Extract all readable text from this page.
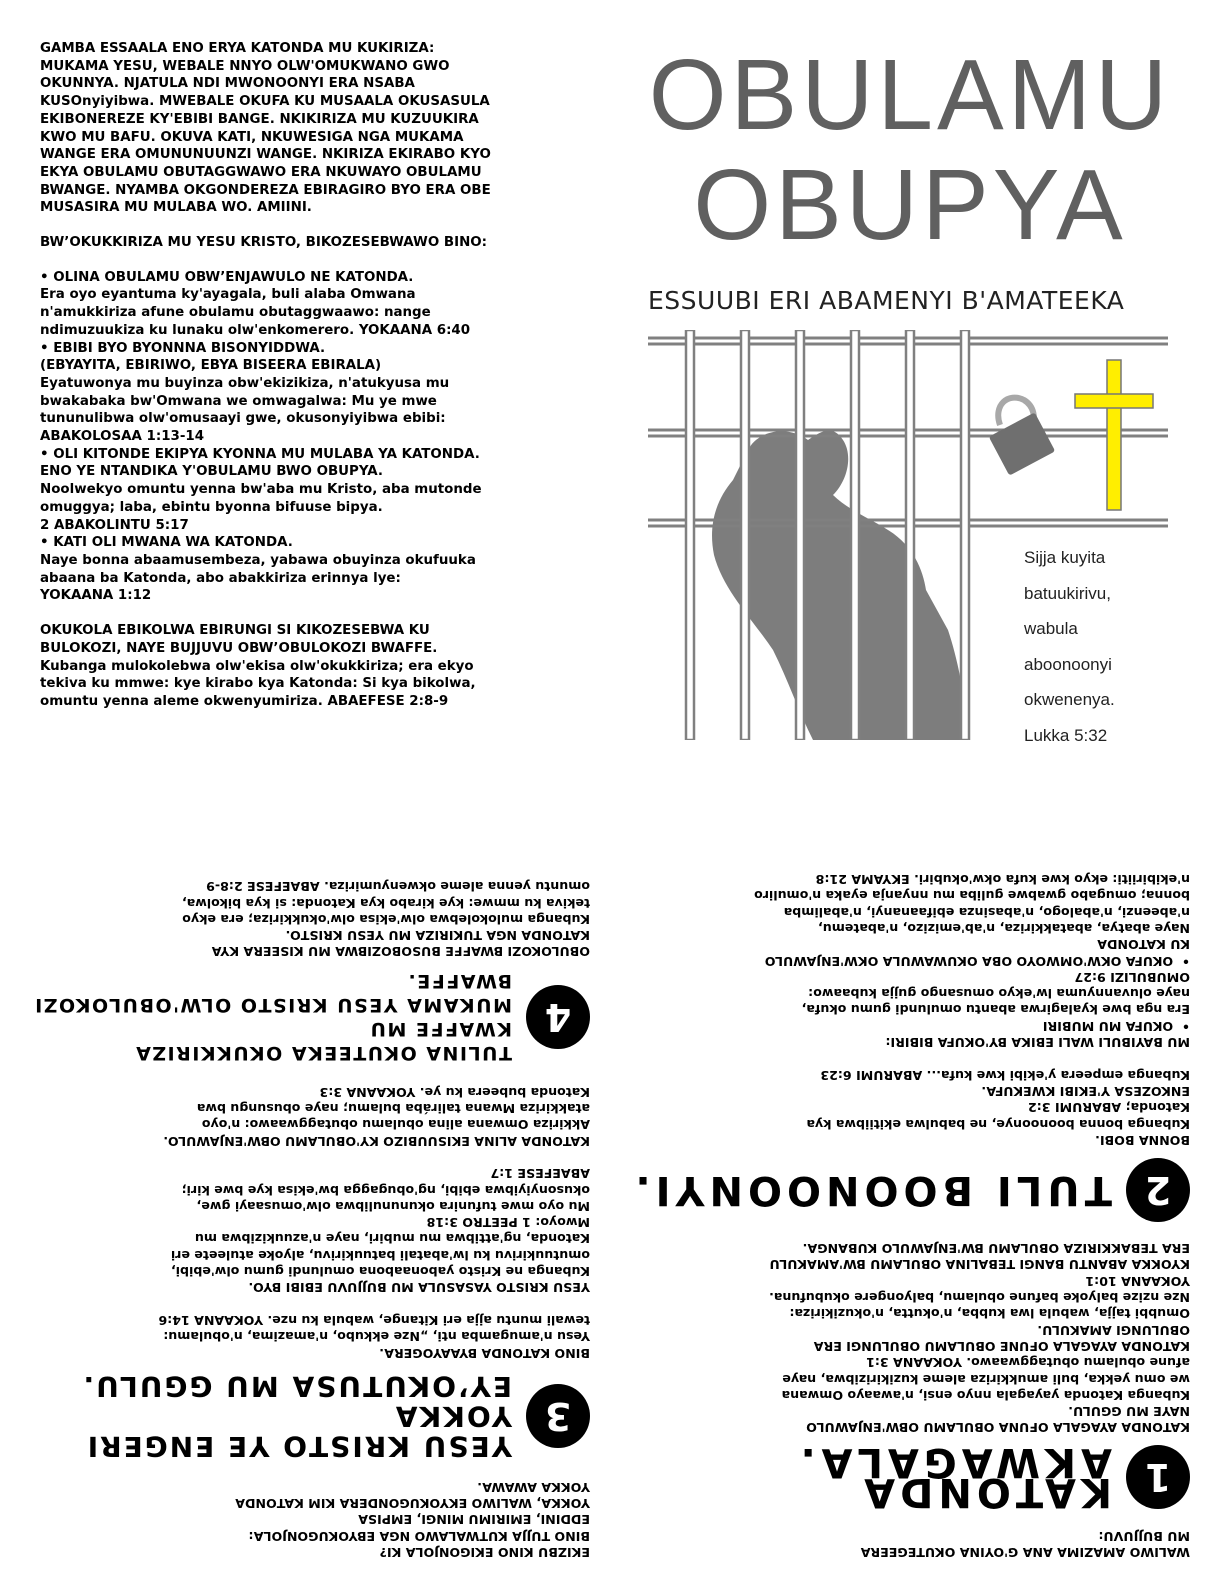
GAMBA ESSAALA ENO ERYA KATONDA MU KUKIRIZA:
MUKAMA YESU, WEBALE NNYO OLW'OMUKWANO GWO
OKUNNYA. NJATULA NDI MWONOONYI ERA NSABA
KUSOnyiyibwa. MWEBALE OKUFA KU MUSAALA OKUSASULA
EKIBONEREZE KY'EBIBI BANGE. NKIKIRIZA MU KUZUUKIRA
KWO MU BAFU. OKUVA KATI, NKUWESIGA NGA MUKAMA
WANGE ERA OMUNUNUUNZI WANGE. NKIRIZA EKIRABO KYO
EKYA OBULAMU OBUTAGGWAWO ERA NKUWAYO OBULAMU
BWANGE. NYAMBA OKGONDEREZA EBIRAGIRO BYO ERA OBE
MUSASIRA MU MULABA WO. AMIINI.

BW’OKUKKIRIZA MU YESU KRISTO, BIKOZESEBWAWO BINO:

• OLINA OBULAMU OBW’ENJAWULO NE KATONDA.
Era oyo eyantuma ky'ayagala, buli alaba Omwana
n'amukkiriza afune obulamu obutaggwaawo: nange
ndimuzuukiza ku lunaku olw'enkomerero. YOKAANA 6:40
• EBIBI BYO BYONNNA BISONYIDDWA.
(EBYAYITA, EBIRIWO, EBYA BISEERA EBIRALA)
Eyatuwonya mu buyinza obw'ekizikiza, n'atukyusa mu
bwakabaka bw'Omwana we omwagalwa: Mu ye mwe
tununulibwa olw'omusaayi gwe, okusonyiyibwa ebibi:
ABAKOLOSAA 1:13-14
• OLI KITONDE EKIPYA KYONNA MU MULABA YA KATONDA.
ENO YE NTANDIKA Y'OBULAMU BWO OBUPYA.
Noolwekyo omuntu yenna bw'aba mu Kristo, aba mutonde
omuggya; laba, ebintu byonna bifuuse bipya.
2 ABAKOLINTU 5:17
• KATI OLI MWANA WA KATONDA.
Naye bonna abaamusembeza, yabawa obuyinza okufuuka
abaana ba Katonda, abo abakkiriza erinnya lye:
YOKAANA 1:12

OKUKOLA EBIKOLWA EBIRUNGI SI KIKOZESEBWA KU
BULOKOZI, NAYE BUJJUVU OBW’OBULOKOZI BWAFFE.
Kubanga mulokolebwa olw'ekisa olw'okukkiriza; era ekyo
tekiva ku mmwe: kye kirabo kya Katonda: Si kya bikolwa,
omuntu yenna aleme okwenyumiriza. ABAEFESE 2:8-9

OBULAMU
OBUPYA
ESSUUBI ERI ABAMENYI B'AMATEEKA
Sijja kuyita
batuukirivu,
wabula
aboonoonyi
okwenenya.
Lukka 5:32

EKIZBU KINO EKIGONJOLA KI?
BINO TUJJA KUTWALAWO NGA EBYOKUGONJOLA:
EDDINI, EMIRIMU MINGI, EMPISA
YOKKA, WALIWO EKYOKUGONDERA KIM KATONDA
YOKKA AWAWA.

3
YESU KRISTO YE ENGERI YOKKA
EY’OKUTUSA MU GGULU.

BINO KATONDA BYAAYOGERA.
Yesu n'amugamba nti, „Nze ekkubo, n'amazima, n'obulamu:
tewali muntu ajja eri Kitange, wabula ku nze. YOKAANA 14:6

YESU KRISTO YASASULA MU BUJJUVU EBIBI BYO.
Kubanga ne Kristo yabonaabona omulundi gumu olw'ebibi,
omutuukirivu ku lw'abatali batuukirivu, alyoke atuleete eri
Katonda, ng'attibwa mu mubiri, naye n'azuukizibwa mu
Mwoyo: 1 PEETRO 3:18
Mu oyo mwe tufunira okununulibwa olw'omusaayi gwe,
okusonyiyibwa ebibi, ng'obugagga bw'ekisa kye bwe kiri;
ABAEFESE 1:7

KATONDA ALINA EKISUUBIZO KY'OBULAMU OBW'ENJAWULO.
Akkiriza Omwana alina obulamu obutaggwaawo: n'oyo
atakkiriza Mwana talirába bulamu; naye obusungu bwa
Katonda bubeera ku ye. YOKAANA 3:3

4
TULINA OKUTEEKA OKUKKIRIZA KWAFFE MU
MUKAMA YESU KRISTO OLW'OBULOKOZI BWAFFE.

OBULOKOZI BWAFFE BUSOBOZIBWA MU KISEERA KYA
KATONDA NGA TUKIRIZA MU YESU KRISTO.
Kubanga mulokolebwa olw'ekisa olw'okukkiriza; era ekyo
tekiva ku mmwe: kye kirabo kya Katonda: si kya bikolwa,
omuntu yenna aleme okwenyumiriza. ABAEFESE 2:8-9

WALIWO AMAZIMA ANA G'OYINA OKUTEGEERA
MU BUJJUVU:

1
KATONDA AKWAGALA.

KATONDA AYAGALA OFUNA OBULAMU OBW'ENJAWULO
NAYE MU GGULU.
Kubanga Katonda yayagala nnyo ensi, n'awaayo Omwana
we omu yekka, buli amukkiriza aleme kuzikirizibwa, naye
afune obulamu obutaggwaawo. YOKAANA 3:1
KATONDA AYAGALA OFUNE OBULAMU OBULUNGI ERA
OBULUNGI AMAKULU.
Omubbi tajja, wabula lwa kubba, n'okutta, n'okuzikiriza:
Nze nzize balyoke bafune obulamu, balyongere okubufuna.
YOKAANA 10:1
KYOKKA ABANTU BANGI TEBALINA OBULAMU BW'AMAKULU
ERA TEBAKKIRIZA OBULAMU BW'ENJAWULO KUBANGA.

2
TULI BOONOONYI.

BONNA BOBI.
Kubanga bonna boonoonye, ne babulwa ekitiibwa kya
Katonda; ABARUMI 3:2
ENKOZESA Y'EKIBI KWEKUFA.
Kubanga empeera y'ekibi kwe kufa... ABARUMI 6:23

MU BAYIBULI WALI EBIKA BY'OKUFA BIBIRI:
•  OKUFA MU MUBIRI
Era nga bwe kyalagirwa abantu omulundi gumu okufa,
naye oluvannyuma lw'ekyo omusango gujja kubaawo:
OMUBULIZI 9:27
•  OKUFA OKW'OMWOYO OBA OKUWAWULA OKW'ENJAWULO
KU KATONDA
Naye abatya, abatakkiriza, n'ab'emizizo, n'abatemu,
n'abeenzi, n'abalogo, n'abasinza ebifaananyi, n'abalimba
bonna; omugabo gwabwe guliba mu nnyanja eyaka n'omuliro
n'ekibiriiti: ekyo kwe kufa okw'okubiri. EKYAMA 21:8
